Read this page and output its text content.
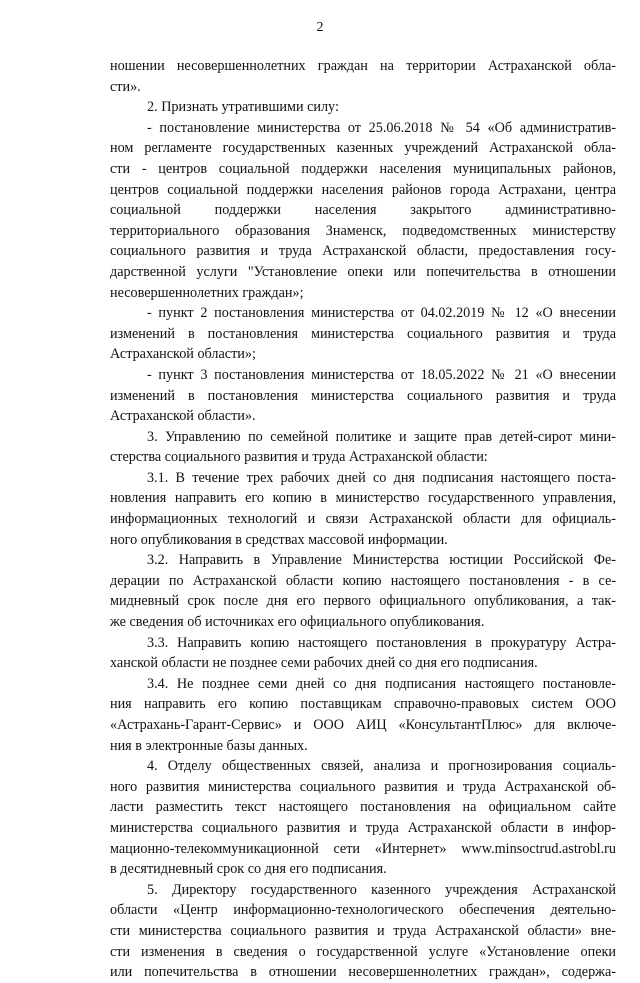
2
ношении несовершеннолетних граждан на территории Астраханской обла-
сти».
2. Признать утратившими силу:
- постановление министерства от 25.06.2018 № 54 «Об административ-
ном регламенте государственных казенных учреждений Астраханской обла-
сти - центров социальной поддержки населения муниципальных районов,
центров социальной поддержки населения районов города Астрахани, центра
социальной поддержки населения закрытого административно-
территориального образования Знаменск, подведомственных министерству
социального развития и труда Астраханской области, предоставления госу-
дарственной услуги "Установление опеки или попечительства в отношении
несовершеннолетних граждан»;
- пункт 2 постановления министерства от 04.02.2019 № 12 «О внесении
изменений в постановления министерства социального развития и труда
Астраханской области»;
- пункт 3 постановления министерства от 18.05.2022 № 21 «О внесении
изменений в постановления министерства социального развития и труда
Астраханской области».
3. Управлению по семейной политике и защите прав детей-сирот мини-
стерства социального развития и труда Астраханской области:
3.1. В течение трех рабочих дней со дня подписания настоящего поста-
новления направить его копию в министерство государственного управления,
информационных технологий и связи Астраханской области для официаль-
ного опубликования в средствах массовой информации.
3.2. Направить в Управление Министерства юстиции Российской Фе-
дерации по Астраханской области копию настоящего постановления - в се-
мидневный срок после дня его первого официального опубликования, а так-
же сведения об источниках его официального опубликования.
3.3. Направить копию настоящего постановления в прокуратуру Астра-
ханской области не позднее семи рабочих дней со дня его подписания.
3.4. Не позднее семи дней со дня подписания настоящего постановле-
ния направить его копию поставщикам справочно-правовых систем ООО
«Астрахань-Гарант-Сервис» и ООО АИЦ «КонсультантПлюс» для включе-
ния в электронные базы данных.
4. Отделу общественных связей, анализа и прогнозирования социаль-
ного развития министерства социального развития и труда Астраханской об-
ласти разместить текст настоящего постановления на официальном сайте
министерства социального развития и труда Астраханской области в инфор-
мационно-телекоммуникационной сети «Интернет» www.minsoctrud.astrobl.ru
в десятидневный срок со дня его подписания.
5. Директору государственного казенного учреждения Астраханской
области «Центр информационно-технологического обеспечения деятельно-
сти министерства социального развития и труда Астраханской области» вне-
сти изменения в сведения о государственной услуге «Установление опеки
или попечительства в отношении несовершеннолетних граждан», содержа-
